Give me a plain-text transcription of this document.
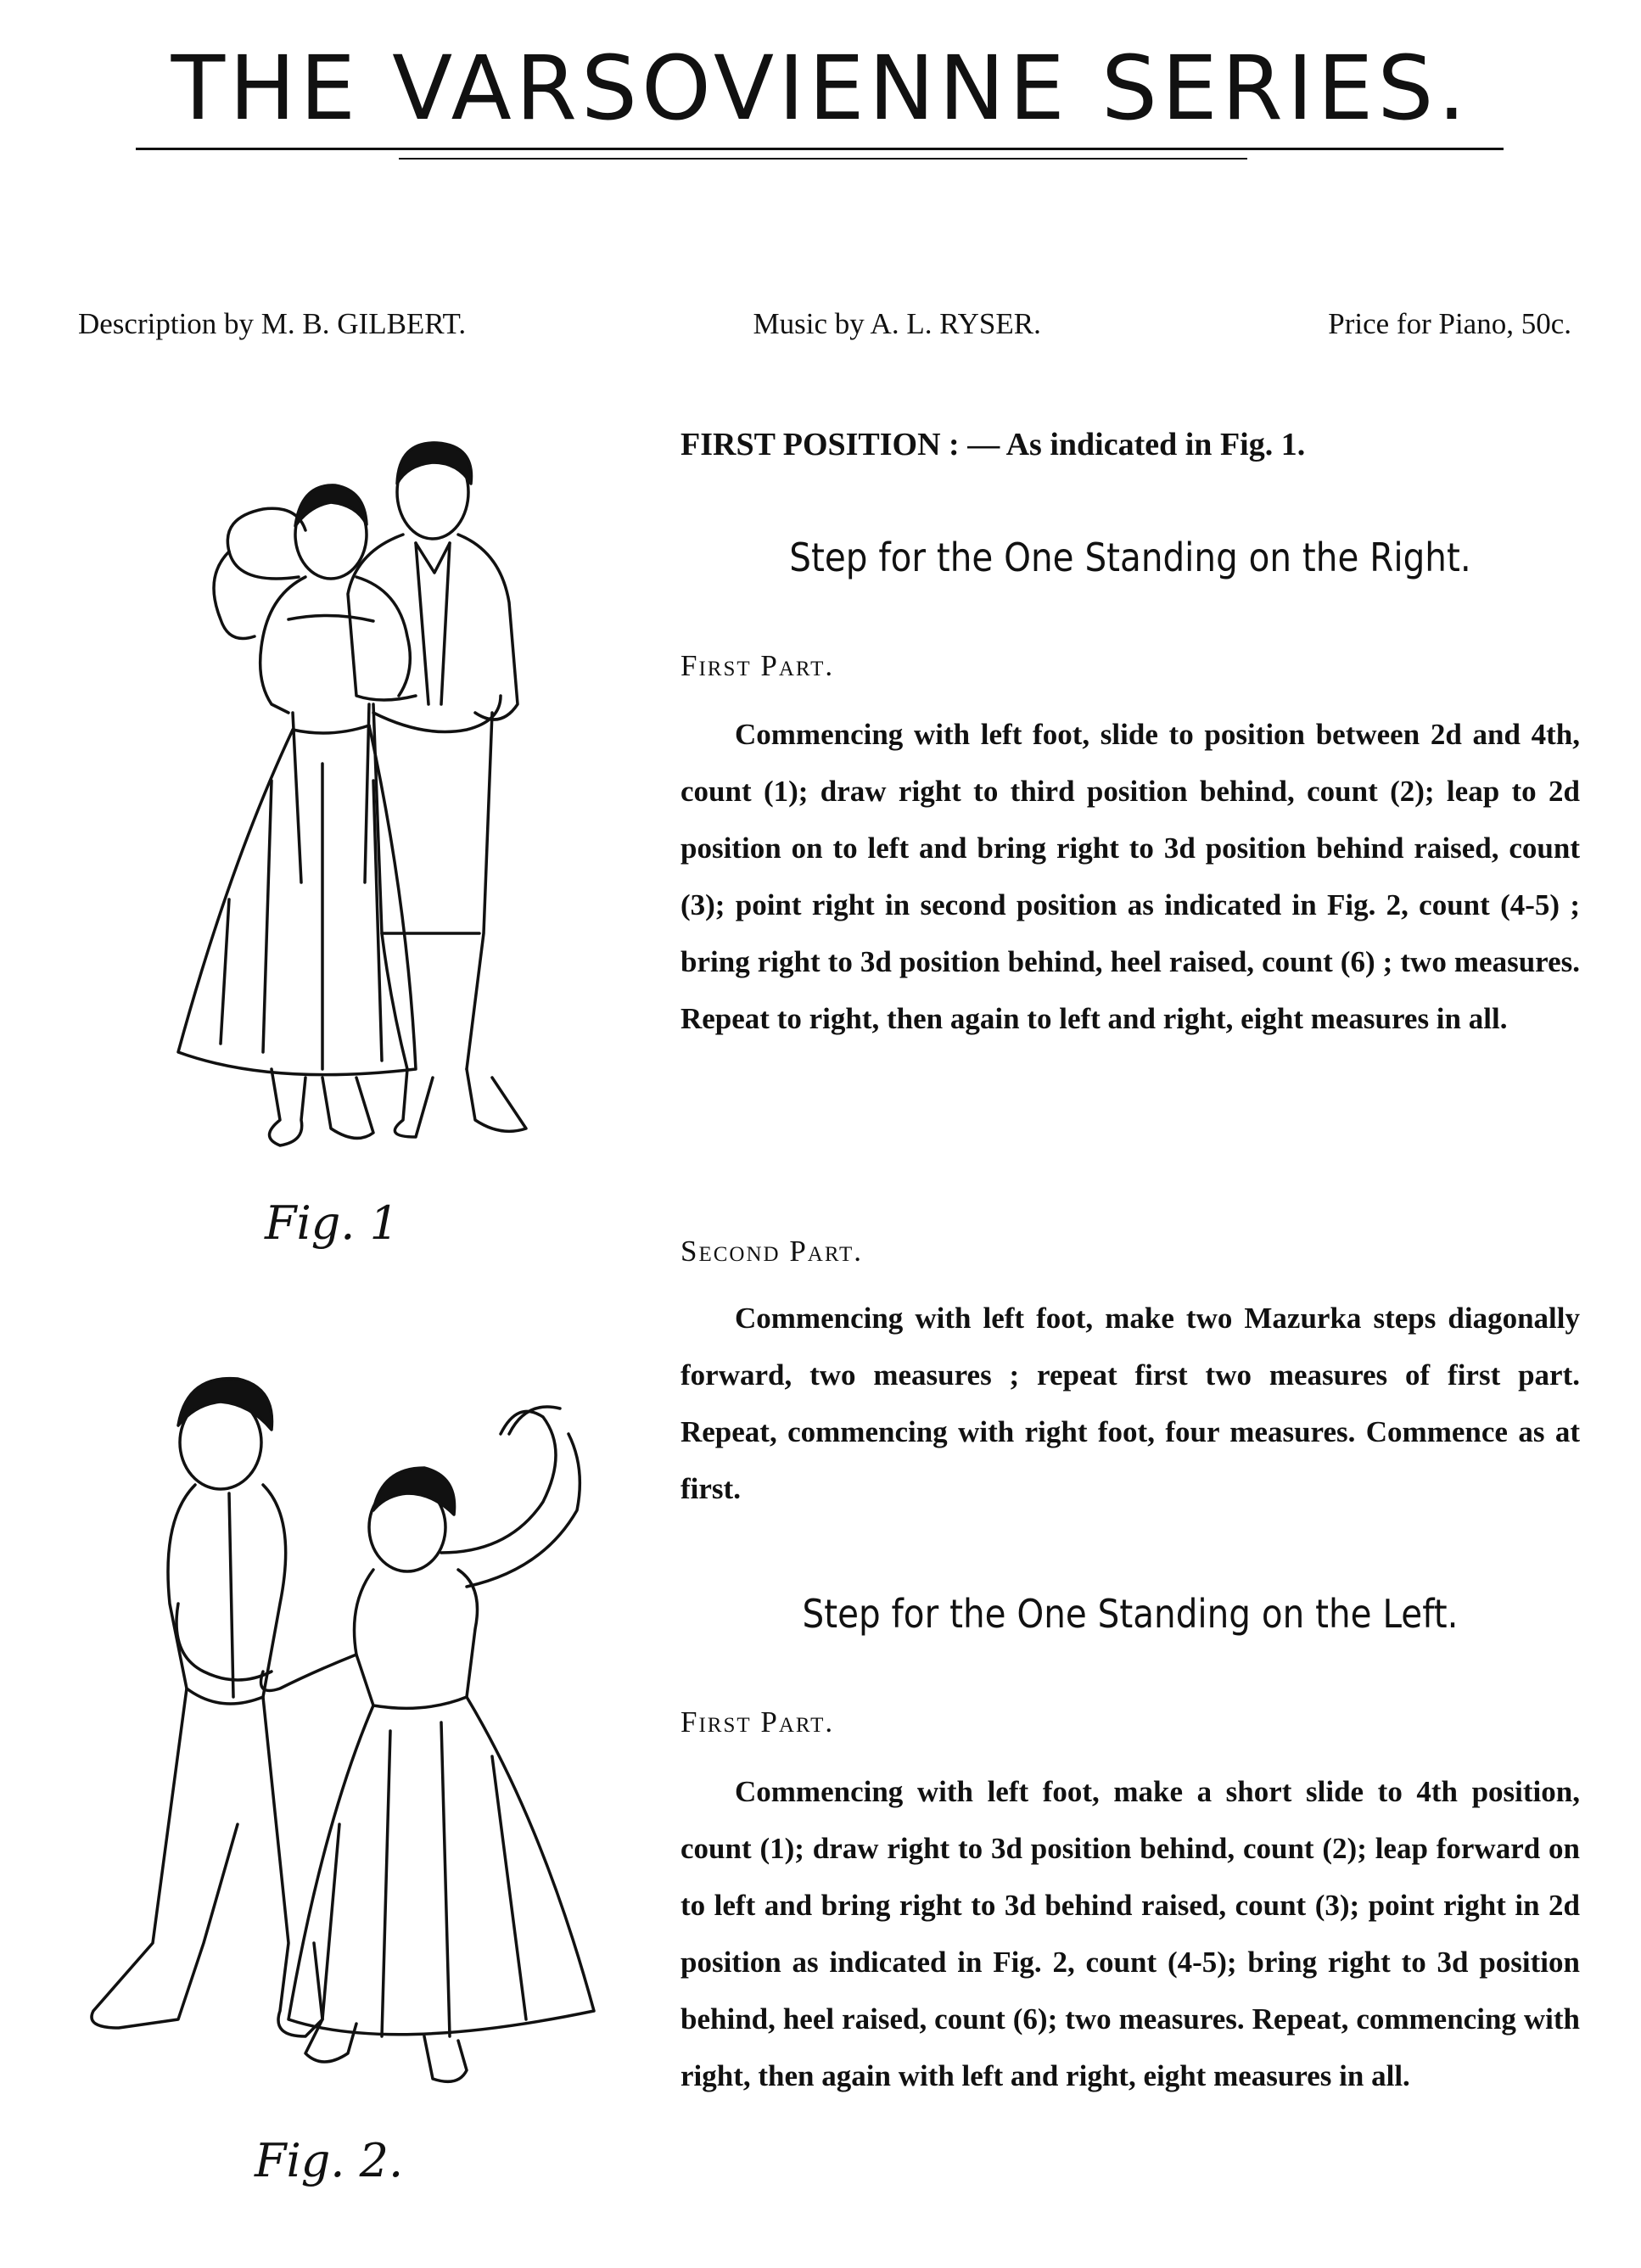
THE VARSOVIENNE SERIES.
Description by M. B. GILBERT.	Music by A. L. RYSER.	Price for Piano, 50c.
Fig. 1
Fig. 2.
FIRST POSITION : — As indicated in Fig. 1.
Step for the One Standing on the Right.
First Part.
Commencing with left foot, slide to position between 2d and 4th, count (1); draw right to third position behind, count (2); leap to 2d position on to left and bring right to 3d position behind raised, count (3); point right in second position as indicated in Fig. 2, count (4-5) ; bring right to 3d position behind, heel raised, count (6) ; two measures. Repeat to right, then again to left and right, eight measures in all.
Second Part.
Commencing with left foot, make two Mazurka steps diagonally forward, two measures ; repeat first two measures of first part. Repeat, commencing with right foot, four measures. Commence as at first.
Step for the One Standing on the Left.
First Part.
Commencing with left foot, make a short slide to 4th position, count (1); draw right to 3d position behind, count (2); leap forward on to left and bring right to 3d behind raised, count (3); point right in 2d position as indicated in Fig. 2, count (4-5); bring right to 3d position behind, heel raised, count (6); two measures. Repeat, commencing with right, then again with left and right, eight measures in all.
